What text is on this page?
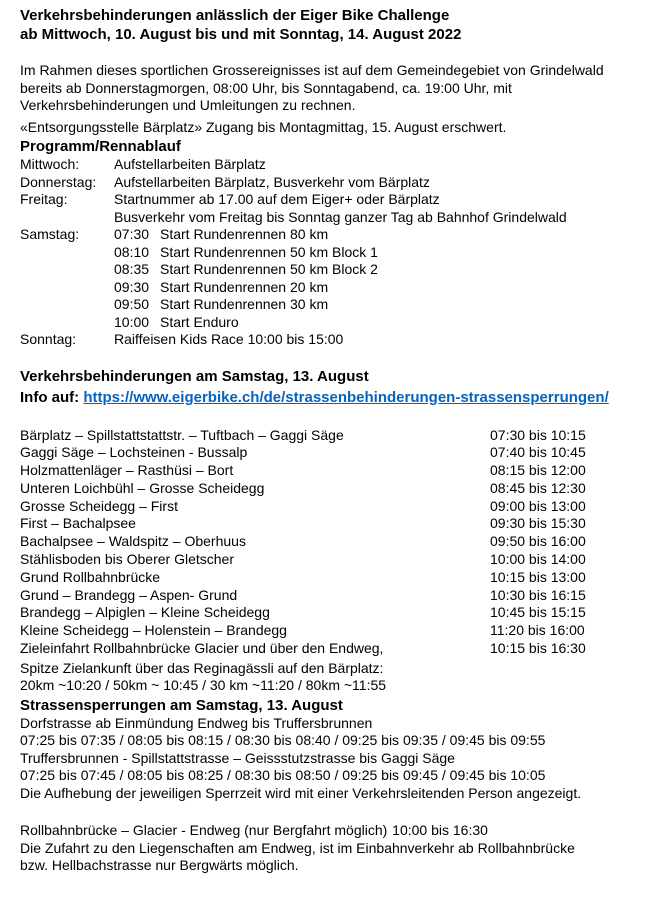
Verkehrsbehinderungen anlässlich der Eiger Bike Challenge
ab Mittwoch, 10. August bis und mit Sonntag, 14. August 2022
Im Rahmen dieses sportlichen Grossereignisses ist auf dem Gemeindegebiet von Grindelwald
bereits ab Donnerstagmorgen, 08:00 Uhr, bis Sonntagabend, ca. 19:00 Uhr, mit
Verkehrsbehinderungen und Umleitungen zu rechnen.
«Entsorgungsstelle Bärplatz» Zugang bis Montagmittag, 15. August erschwert.
Programm/Rennablauf
Mittwoch:	Aufstellarbeiten Bärplatz
Donnerstag:	Aufstellarbeiten Bärplatz, Busverkehr vom Bärplatz
Freitag:	Startnummer ab 17.00 auf dem Eiger+ oder Bärplatz
Busverkehr vom Freitag bis Sonntag ganzer Tag ab Bahnhof Grindelwald
Samstag:	07:30 Start Rundenrennen 80 km
08:10 Start Rundenrennen 50 km Block 1
08:35 Start Rundenrennen 50 km Block 2
09:30 Start Rundenrennen 20 km
09:50 Start Rundenrennen 30 km
10:00 Start Enduro
Sonntag:	Raiffeisen Kids Race 10:00 bis 15:00
Verkehrsbehinderungen am Samstag, 13. August
Info auf: https://www.eigerbike.ch/de/strassenbehinderungen-strassensperrungen/
Bärplatz – Spillstattstattstr. – Tuftbach – Gaggi Säge	07:30 bis 10:15
Gaggi Säge – Lochsteinen - Bussalp	07:40 bis 10:45
Holzmattenläger – Rasthüsi – Bort	08:15 bis 12:00
Unteren Loichbühl – Grosse Scheidegg	08:45 bis 12:30
Grosse Scheidegg – First	09:00 bis 13:00
First – Bachalpsee	09:30 bis 15:30
Bachalpsee – Waldspitz – Oberhuus	09:50 bis 16:00
Stählisboden bis Oberer Gletscher	10:00 bis 14:00
Grund Rollbahnbrücke	10:15 bis 13:00
Grund – Brandegg – Aspen- Grund	10:30 bis 16:15
Brandegg – Alpiglen – Kleine Scheidegg	10:45 bis 15:15
Kleine Scheidegg – Holenstein – Brandegg	11:20 bis 16:00
Zieleinfahrt Rollbahnbrücke Glacier und über den Endweg,	10:15 bis 16:30
Spitze Zielankunft über das Reginagässli auf den Bärplatz:
20km ~10:20 / 50km ~ 10:45 / 30 km ~11:20 / 80km ~11:55
Strassensperrungen am Samstag, 13. August
Dorfstrasse ab Einmündung Endweg bis Truffersbrunnen
07:25 bis 07:35 / 08:05 bis 08:15 / 08:30 bis 08:40 / 09:25 bis 09:35 / 09:45 bis 09:55
Truffersbrunnen - Spillstattstrasse – Geissstutzstrasse bis Gaggi Säge
07:25 bis 07:45 / 08:05 bis 08:25 / 08:30 bis 08:50 / 09:25 bis 09:45 / 09:45 bis 10:05
Die Aufhebung der jeweiligen Sperrzeit wird mit einer Verkehrsleitenden Person angezeigt.
Rollbahnbrücke – Glacier - Endweg (nur Bergfahrt möglich) 10:00 bis 16:30
Die Zufahrt zu den Liegenschaften am Endweg, ist im Einbahnverkehr ab Rollbahnbrücke
bzw. Hellbachstrasse nur Bergwärts möglich.
